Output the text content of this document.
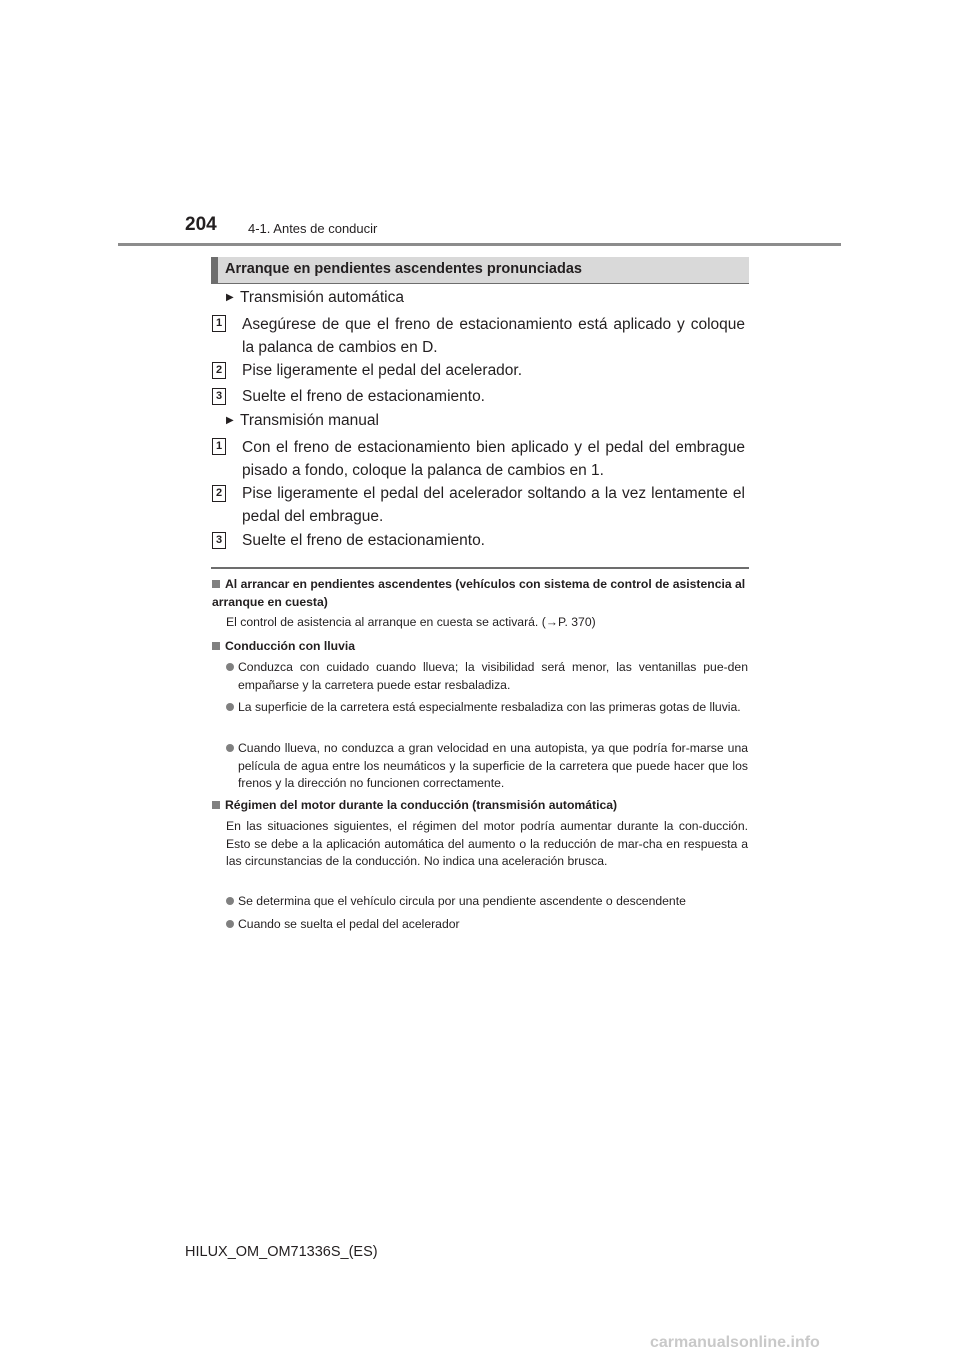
204 4-1. Antes de conducir
Arranque en pendientes ascendentes pronunciadas
▶ Transmisión automática
1 Asegúrese de que el freno de estacionamiento está aplicado y coloque la palanca de cambios en D.
2 Pise ligeramente el pedal del acelerador.
3 Suelte el freno de estacionamiento.
▶ Transmisión manual
1 Con el freno de estacionamiento bien aplicado y el pedal del embrague pisado a fondo, coloque la palanca de cambios en 1.
2 Pise ligeramente el pedal del acelerador soltando a la vez lentamente el pedal del embrague.
3 Suelte el freno de estacionamiento.
Al arrancar en pendientes ascendentes (vehículos con sistema de control de asistencia al arranque en cuesta)
El control de asistencia al arranque en cuesta se activará. (→P. 370)
Conducción con lluvia
Conduzca con cuidado cuando llueva; la visibilidad será menor, las ventanillas pue-den empañarse y la carretera puede estar resbaladiza.
La superficie de la carretera está especialmente resbaladiza con las primeras gotas de lluvia.
Cuando llueva, no conduzca a gran velocidad en una autopista, ya que podría for-marse una película de agua entre los neumáticos y la superficie de la carretera que puede hacer que los frenos y la dirección no funcionen correctamente.
Régimen del motor durante la conducción (transmisión automática)
En las situaciones siguientes, el régimen del motor podría aumentar durante la con-ducción. Esto se debe a la aplicación automática del aumento o la reducción de mar-cha en respuesta a las circunstancias de la conducción. No indica una aceleración brusca.
Se determina que el vehículo circula por una pendiente ascendente o descendente
Cuando se suelta el pedal del acelerador
HILUX_OM_OM71336S_(ES)
carmanualsonline.info
